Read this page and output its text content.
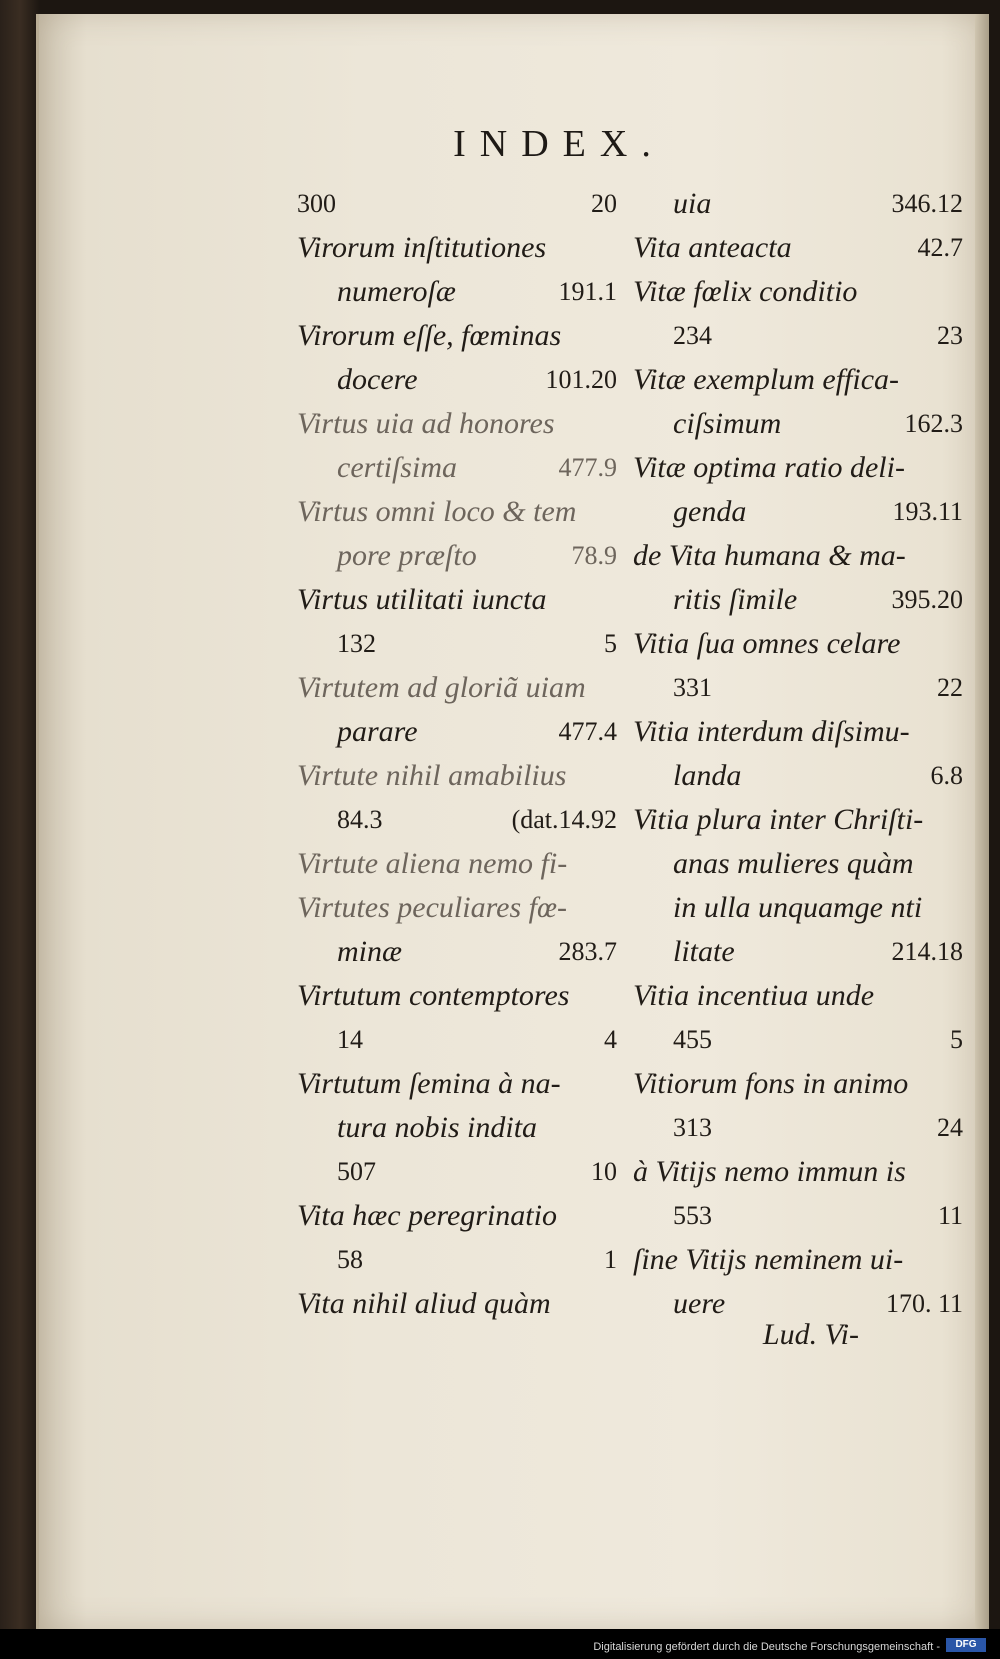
INDEX.
300	20
Virorum inſtitutiones
numeroſæ	191.1
Virorum eſſe, fœminas
docere	101.20
Virtus uia ad honores
certiſsima	477.9
Virtus omni loco & tem
pore præſto	78.9
Virtus utilitati iuncta
132	5
Virtutem ad gloriã uiam
parare	477.4
Virtute nihil amabilius
84.3	(dat.14.92
Virtute aliena nemo fi-
Virtutes peculiares fœ-
minæ	283.7
Virtutum contemptores
14	4
Virtutum ſemina à na-
tura nobis indita
507	10
Vita hæc peregrinatio
58	1
Vita nihil aliud quàm
uia	346.12
Vita anteacta	42.7
Vitæ fœlix conditio
234	23
Vitæ exemplum effica-
ciſsimum	162.3
Vitæ optima ratio deli-
genda	193.11
de Vita humana & ma-
ritis ſimile	395.20
Vitia ſua omnes celare
331	22
Vitia interdum diſsimu-
landa	6.8
Vitia plura inter Chriſti-
anas mulieres quàm
in ulla unquamge nti
litate	214.18
Vitia incentiua unde
455	5
Vitiorum fons in animo
313	24
à Vitijs nemo immun is
553	11
ſine Vitijs neminem ui-
uere	170. 11
Lud. Vi-
Digitalisierung gefördert durch die Deutsche Forschungsgemeinschaft -	DFG
